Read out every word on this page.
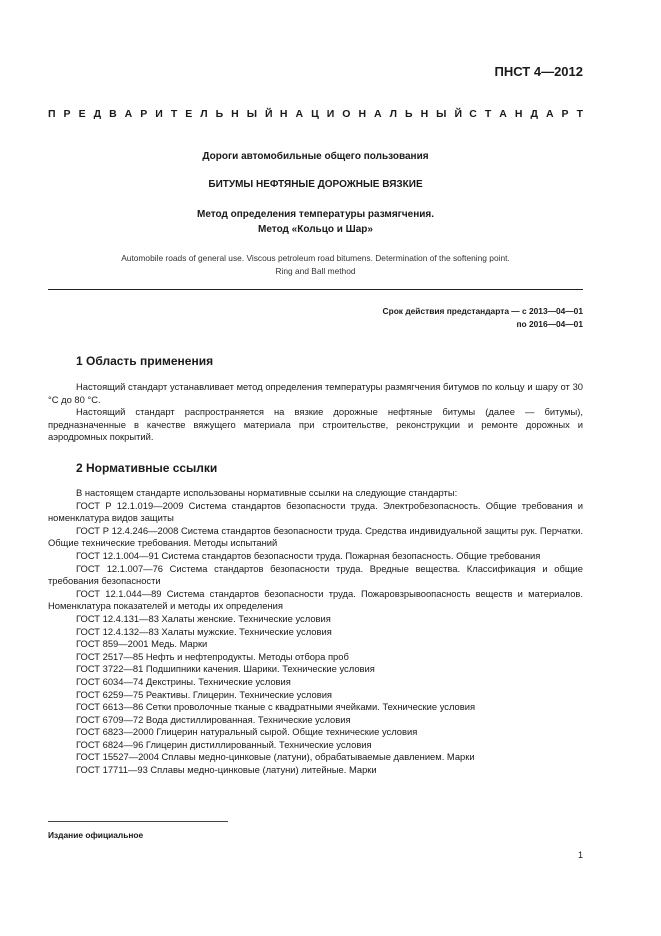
ПНСТ 4—2012
П Р Е Д В А Р И Т Е Л Ь Н Ы Й Н А Ц И О Н А Л Ь Н Ы Й С Т А Н Д А Р Т
Дороги автомобильные общего пользования
БИТУМЫ НЕФТЯНЫЕ ДОРОЖНЫЕ ВЯЗКИЕ
Метод определения температуры размягчения.
Метод «Кольцо и Шар»
Automobile roads of general use. Viscous petroleum road bitumens. Determination of the softening point.
Ring and Ball method
Срок действия предстандарта — с 2013—04—01
по 2016—04—01
1 Область применения

Настоящий стандарт устанавливает метод определения температуры размягчения битумов по кольцу и шару от 30 °С до 80 °С.

Настоящий стандарт распространяется на вязкие дорожные нефтяные битумы (далее — битумы), предназначенные в качестве вяжущего материала при строительстве, реконструкции и ремонте дорожных и аэродромных покрытий.

2 Нормативные ссылки

В настоящем стандарте использованы нормативные ссылки на следующие стандарты:

ГОСТ Р 12.1.019—2009 Система стандартов безопасности труда. Электробезопасность. Общие требования и номенклатура видов защиты

ГОСТ Р 12.4.246—2008 Система стандартов безопасности труда. Средства индивидуальной защиты рук. Перчатки. Общие технические требования. Методы испытаний

ГОСТ 12.1.004—91 Система стандартов безопасности труда. Пожарная безопасность. Общие требования

ГОСТ 12.1.007—76 Система стандартов безопасности труда. Вредные вещества. Классификация и общие требования безопасности

ГОСТ 12.1.044—89 Система стандартов безопасности труда. Пожаровзрывоопасность веществ и материалов. Номенклатура показателей и методы их определения

ГОСТ 12.4.131—83 Халаты женские. Технические условия

ГОСТ 12.4.132—83 Халаты мужские. Технические условия

ГОСТ 859—2001 Медь. Марки

ГОСТ 2517—85 Нефть и нефтепродукты. Методы отбора проб

ГОСТ 3722—81 Подшипники качения. Шарики. Технические условия

ГОСТ 6034—74 Декстрины. Технические условия

ГОСТ 6259—75 Реактивы. Глицерин. Технические условия

ГОСТ 6613—86 Сетки проволочные тканые с квадратными ячейками. Технические условия

ГОСТ 6709—72 Вода дистиллированная. Технические условия

ГОСТ 6823—2000 Глицерин натуральный сырой. Общие технические условия

ГОСТ 6824—96 Глицерин дистиллированный. Технические условия

ГОСТ 15527—2004 Сплавы медно-цинковые (латуни), обрабатываемые давлением. Марки

ГОСТ 17711—93 Сплавы медно-цинковые (латуни) литейные. Марки

Издание официальное
1
